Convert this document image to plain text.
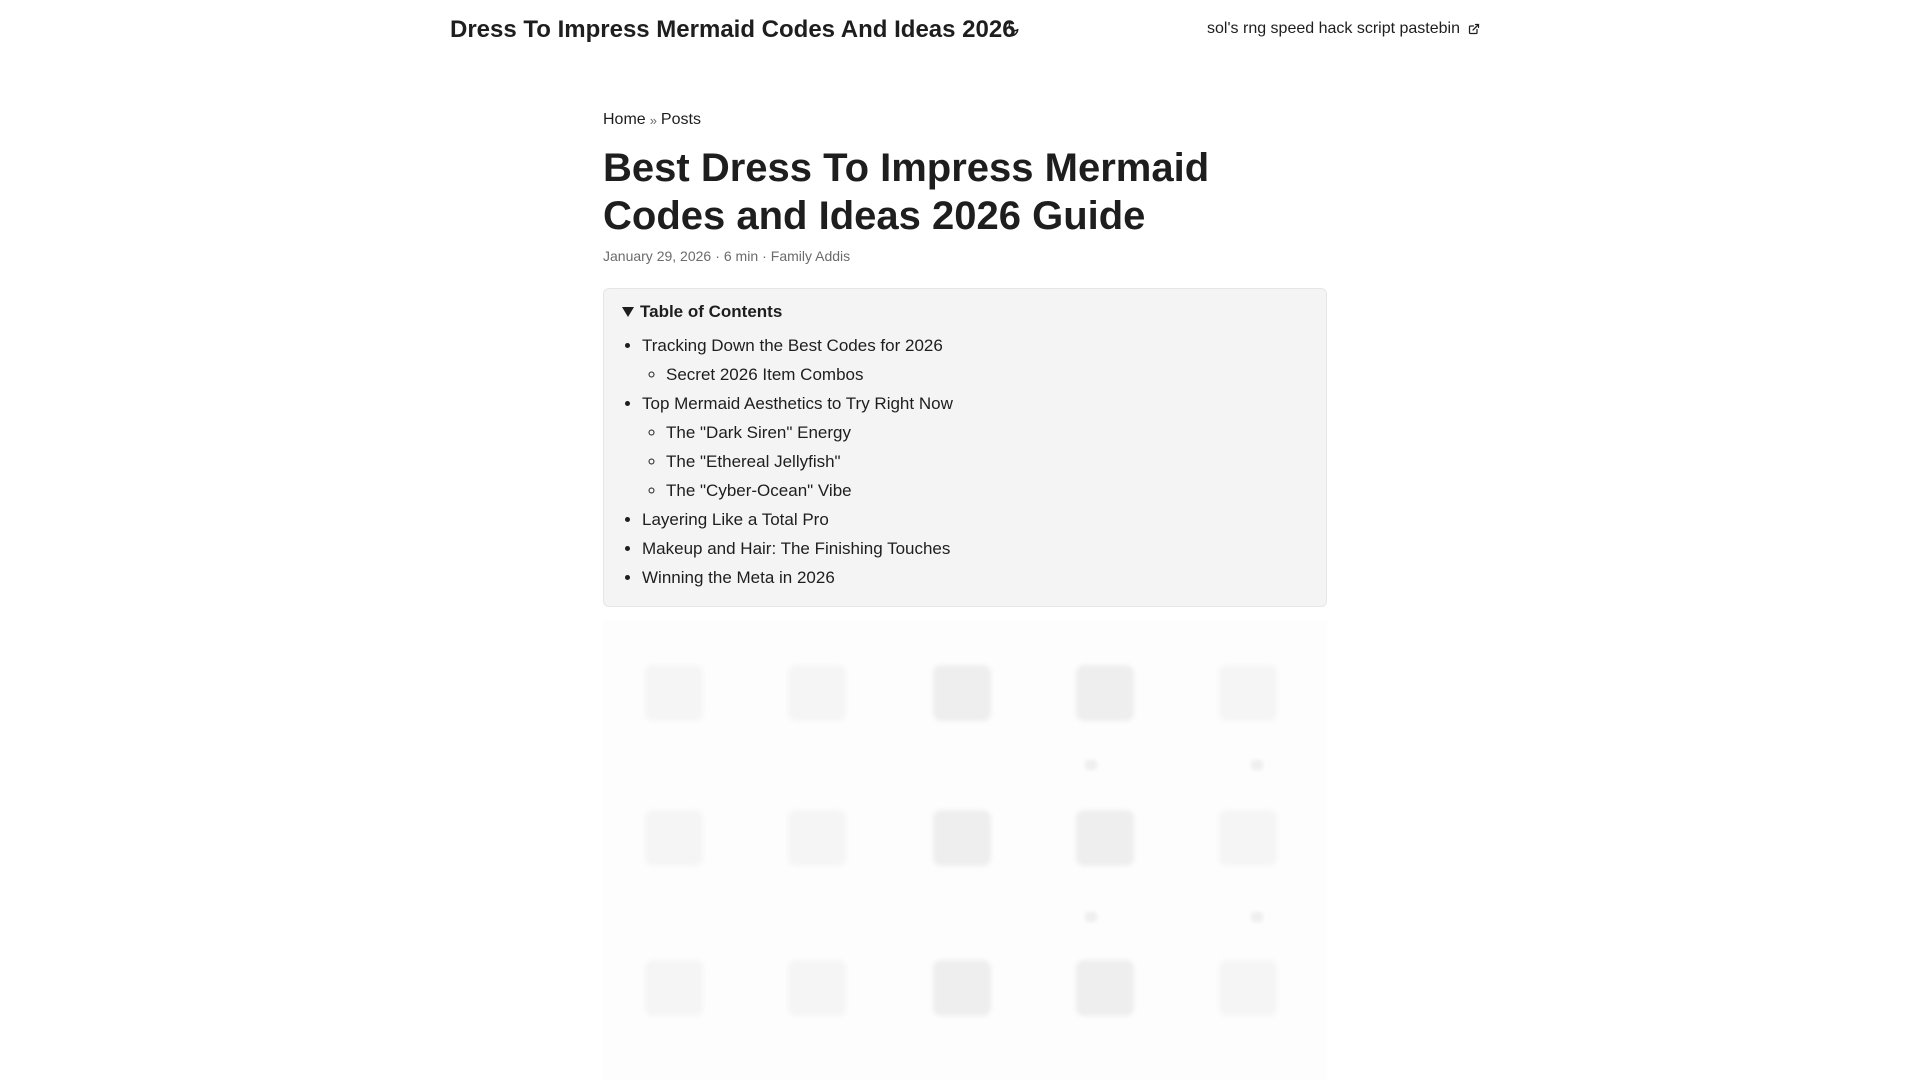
Dress To Impress Mermaid Codes And Ideas 2026	sol's rng speed hack script pastebin
Home » Posts
Best Dress To Impress Mermaid Codes and Ideas 2026 Guide
January 29, 2026 · 6 min · Family Addis
Table of Contents
• Tracking Down the Best Codes for 2026
◦ Secret 2026 Item Combos
• Top Mermaid Aesthetics to Try Right Now
◦ The "Dark Siren" Energy
◦ The "Ethereal Jellyfish"
◦ The "Cyber-Ocean" Vibe
• Layering Like a Total Pro
• Makeup and Hair: The Finishing Touches
• Winning the Meta in 2026
